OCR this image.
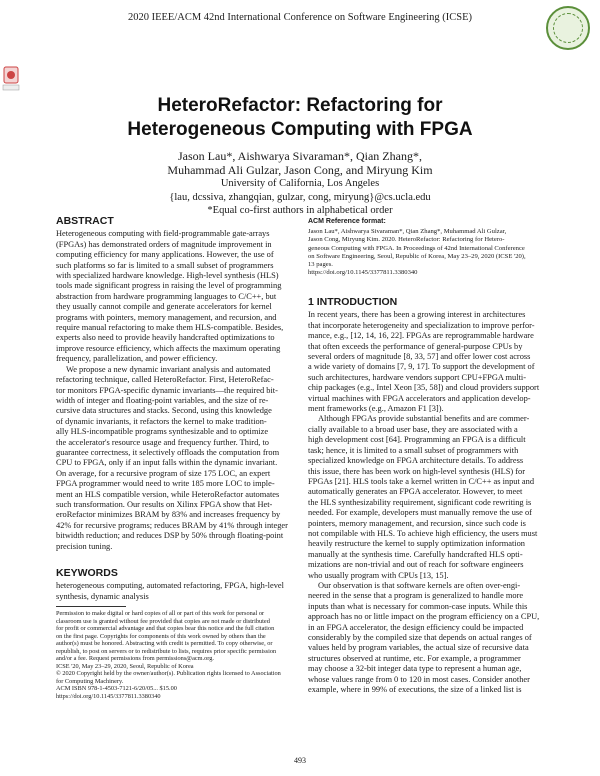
2020 IEEE/ACM 42nd International Conference on Software Engineering (ICSE)
HeteroRefactor: Refactoring for
Heterogeneous Computing with FPGA
Jason Lau*, Aishwarya Sivaraman*, Qian Zhang*,
Muhammad Ali Gulzar, Jason Cong, and Miryung Kim
University of California, Los Angeles
{lau, dcssiva, zhangqian, gulzar, cong, miryung}@cs.ucla.edu
*Equal co-first authors in alphabetical order
ABSTRACT
Heterogeneous computing with field-programmable gate-arrays
(FPGAs) has demonstrated orders of magnitude improvement in
computing efficiency for many applications. However, the use of
such platforms so far is limited to a small subset of programmers
with specialized hardware knowledge. High-level synthesis (HLS)
tools made significant progress in raising the level of programming
abstraction from hardware programming languages to C/C++, but
they usually cannot compile and generate accelerators for kernel
programs with pointers, memory management, and recursion, and
require manual refactoring to make them HLS-compatible. Besides,
experts also need to provide heavily handcrafted optimizations to
improve resource efficiency, which affects the maximum operating
frequency, parallelization, and power efficiency.
We propose a new dynamic invariant analysis and automated
refactoring technique, called HeteroRefactor. First, HeteroRefac-
tor monitors FPGA-specific dynamic invariants—the required bit-
width of integer and floating-point variables, and the size of re-
cursive data structures and stacks. Second, using this knowledge
of dynamic invariants, it refactors the kernel to make tradition-
ally HLS-incompatible programs synthesizable and to optimize
the accelerator's resource usage and frequency further. Third, to
guarantee correctness, it selectively offloads the computation from
CPU to FPGA, only if an input falls within the dynamic invariant.
On average, for a recursive program of size 175 LOC, an expert
FPGA programmer would need to write 185 more LOC to imple-
ment an HLS compatible version, while HeteroRefactor automates
such transformation. Our results on Xilinx FPGA show that Het-
eroRefactor minimizes BRAM by 83% and increases frequency by
42% for recursive programs; reduces BRAM by 41% through integer
bitwidth reduction; and reduces DSP by 50% through floating-point
precision tuning.
KEYWORDS
heterogeneous computing, automated refactoring, FPGA, high-level
synthesis, dynamic analysis
Permission to make digital or hard copies of all or part of this work for personal or
classroom use is granted without fee provided that copies are not made or distributed
for profit or commercial advantage and that copies bear this notice and the full citation
on the first page. Copyrights for components of this work owned by others than the
author(s) must be honored. Abstracting with credit is permitted. To copy otherwise, or
republish, to post on servers or to redistribute to lists, requires prior specific permission
and/or a fee. Request permissions from permissions@acm.org.
ICSE '20, May 23–29, 2020, Seoul, Republic of Korea
© 2020 Copyright held by the owner/author(s). Publication rights licensed to Association
for Computing Machinery.
ACM ISBN 978-1-4503-7121-6/20/05... $15.00
https://doi.org/10.1145/3377811.3380340
ACM Reference format:
Jason Lau*, Aishwarya Sivaraman*, Qian Zhang*, Muhammad Ali Gulzar,
Jason Cong, Miryung Kim. 2020. HeteroRefactor: Refactoring for Hetero-
geneous Computing with FPGA. In Proceedings of 42nd International Conference
on Software Engineering, Seoul, Republic of Korea, May 23–29, 2020 (ICSE '20),
13 pages.
https://doi.org/10.1145/3377811.3380340
1 INTRODUCTION
In recent years, there has been a growing interest in architectures
that incorporate heterogeneity and specialization to improve perfor-
mance, e.g., [12, 14, 16, 22]. FPGAs are reprogrammable hardware
that often exceeds the performance of general-purpose CPUs by
several orders of magnitude [8, 33, 57] and offer lower cost across
a wide variety of domains [7, 9, 17]. To support the development of
such architectures, hardware vendors support CPU+FPGA multi-
chip packages (e.g., Intel Xeon [35, 58]) and cloud providers support
virtual machines with FPGA accelerators and application develop-
ment frameworks (e.g., Amazon F1 [3]).
Although FPGAs provide substantial benefits and are commer-
cially available to a broad user base, they are associated with a
high development cost [64]. Programming an FPGA is a difficult
task; hence, it is limited to a small subset of programmers with
specialized knowledge on FPGA architecture details. To address
this issue, there has been work on high-level synthesis (HLS) for
FPGAs [21]. HLS tools take a kernel written in C/C++ as input and
automatically generates an FPGA accelerator. However, to meet
the HLS synthesizability requirement, significant code rewriting is
needed. For example, developers must manually remove the use of
pointers, memory management, and recursion, since such code is
not compilable with HLS. To achieve high efficiency, the users must
heavily restructure the kernel to supply optimization information
manually at the synthesis time. Carefully handcrafted HLS opti-
mizations are non-trivial and out of reach for software engineers
who usually program with CPUs [13, 15].
Our observation is that software kernels are often over-engi-
neered in the sense that a program is generalized to handle more
inputs than what is necessary for common-case inputs. While this
approach has no or little impact on the program efficiency on a CPU,
in an FPGA accelerator, the design efficiency could be impacted
considerably by the compiled size that depends on actual ranges of
values held by program variables, the actual size of recursive data
structures observed at runtime, etc. For example, a programmer
may choose a 32-bit integer data type to represent a human age,
whose values range from 0 to 120 in most cases. Consider another
example, where in 99% of executions, the size of a linked list is
493
